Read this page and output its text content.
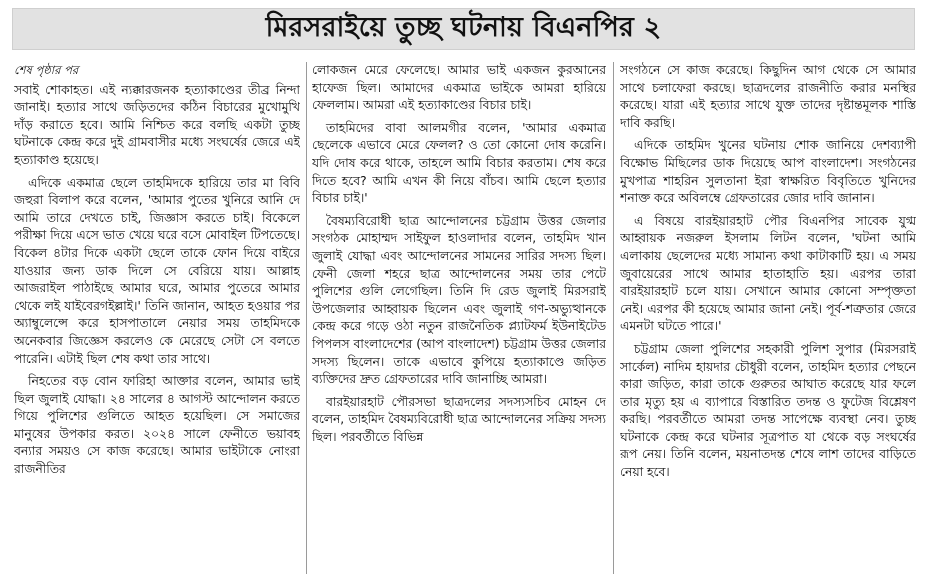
মিরসরাইয়ে তুচ্ছ ঘটনায় বিএনপির ২
শেষ পৃষ্ঠার পর

সবাই শোকাহত। এই ন্যক্কারজনক হত্যাকাণ্ডের তীব্র নিন্দা জানাই। হত্যার সাথে জড়িতদের কঠিন বিচারের মুখোমুখি দাঁড় করাতে হবে। আমি নিশ্চিত করে বলছি একটা তুচ্ছ ঘটনাকে কেন্দ্র করে দুই গ্রামবাসীর মধ্যে সংঘর্ষের জেরে এই হত্যাকাণ্ড হয়েছে।

এদিকে একমাত্র ছেলে তাহমিদকে হারিয়ে তার মা বিবি জহুরা বিলাপ করে বলেন, 'আমার পুতের খুনিরে আনি দে আমি তারে দেখতে চাই, জিজ্ঞাস করতে চাই। বিকেলে পরীক্ষা দিয়ে এসে ভাত খেয়ে ঘরে বসে মোবাইল টিপতেছে। বিকেল ৪টার দিকে একটা ছেলে তাকে ফোন দিয়ে বাইরে যাওয়ার জন্য ডাক দিলে সে বেরিয়ে যায়। আল্লাহ আজরাইল পাঠাইছে আমার ঘরে, আমার পুতেরে আমার থেকে লই যাইবেরগইল্লাই।' তিনি জানান, আহত হওয়ার পর অ্যাম্বুলেন্সে করে হাসপাতালে নেয়ার সময় তাহমিদকে অনেকবার জিজ্ঞেস করলেও কে মেরেছে সেটা সে বলতে পারেনি। এটাই ছিল শেষ কথা তার সাথে।

নিহতের বড় বোন ফারিহা আক্তার বলেন, আমার ভাই ছিল জুলাই যোদ্ধা। ২৪ সালের ৪ আগস্ট আন্দোলন করতে গিয়ে পুলিশের গুলিতে আহত হয়েছিল। সে সমাজের মানুষের উপকার করত। ২০২৪ সালে ফেনীতে ভয়াবহ বন্যার সময়ও সে কাজ করেছে। আমার ভাইটাকে নোংরা রাজনীতির

লোকজন মেরে ফেলেছে। আমার ভাই একজন কুরআনের হাফেজ ছিল। আমাদের একমাত্র ভাইকে আমরা হারিয়ে ফেললাম। আমরা এই হত্যাকাণ্ডের বিচার চাই।

তাহমিদের বাবা আলমগীর বলেন, 'আমার একমাত্র ছেলেকে এভাবে মেরে ফেলল? ও তো কোনো দোষ করেনি। যদি দোষ করে থাকে, তাহলে আমি বিচার করতাম। শেষ করে দিতে হবে? আমি এখন কী নিয়ে বাঁচব। আমি ছেলে হত্যার বিচার চাই।'

বৈষম্যবিরোধী ছাত্র আন্দোলনের চট্টগ্রাম উত্তর জেলার সংগঠক মোহাম্মদ সাইফুল হাওলাদার বলেন, তাহমিদ খান জুলাই যোদ্ধা এবং আন্দোলনের সামনের সারির সদস্য ছিল। ফেনী জেলা শহরে ছাত্র আন্দোলনের সময় তার পেটে পুলিশের গুলি লেগেছিল। তিনি দি রেড জুলাই মিরসরাই উপজেলার আহ্বায়ক ছিলেন এবং জুলাই গণ-অভ্যুত্থানকে কেন্দ্র করে গড়ে ওঠা নতুন রাজনৈতিক প্ল্যাটফর্ম ইউনাইটেড পিপলস বাংলাদেশের (আপ বাংলাদেশ) চট্টগ্রাম উত্তর জেলার সদস্য ছিলেন। তাকে এভাবে কুপিয়ে হত্যাকাণ্ডে জড়িত ব্যক্তিদের দ্রুত গ্রেফতারের দাবি জানাচ্ছি আমরা।

বারইয়ারহাট পৌরসভা ছাত্রদলের সদস্যসচিব মোহন দে বলেন, তাহমিদ বৈষম্যবিরোধী ছাত্র আন্দোলনের সক্রিয় সদস্য ছিল। পরবর্তীতে বিভিন্ন

সংগঠনে সে কাজ করেছে। কিছুদিন আগ থেকে সে আমার সাথে চলাফেরা করছে। ছাত্রদলের রাজনীতি করার মনস্থির করেছে। যারা এই হত্যার সাথে যুক্ত তাদের দৃষ্টান্তমূলক শাস্তি দাবি করছি।

এদিকে তাহমিদ খুনের ঘটনায় শোক জানিয়ে দেশব্যাপী বিক্ষোভ মিছিলের ডাক দিয়েছে আপ বাংলাদেশ। সংগঠনের মুখপাত্র শাহরিন সুলতানা ইরা স্বাক্ষরিত বিবৃতিতে খুনিদের শনাক্ত করে অবিলম্বে গ্রেফতারের জোর দাবি জানান।

এ বিষয়ে বারইয়ারহাট পৌর বিএনপির সাবেক যুগ্ম আহ্বায়ক নজরুল ইসলাম লিটন বলেন, 'ঘটনা আমি এলাকায় ছেলেদের মধ্যে সামান্য কথা কাটাকাটি হয়। এ সময় জুবায়েরের সাথে আমার হাতাহাতি হয়। এরপর তারা বারইয়ারহাট চলে যায়। সেখানে আমার কোনো সম্পৃক্ততা নেই। এরপর কী হয়েছে আমার জানা নেই। পূর্ব-শত্রুতার জেরে এমনটা ঘটতে পারে।'

চট্টগ্রাম জেলা পুলিশের সহকারী পুলিশ সুপার (মিরসরাই সার্কেল) নাদিম হায়দার চৌধুরী বলেন, তাহমিদ হত্যার পেছনে কারা জড়িত, কারা তাকে গুরুতর আঘাত করেছে যার ফলে তার মৃত্যু হয় এ ব্যাপারে বিস্তারিত তদন্ত ও ফুটেজ বিশ্লেষণ করছি। পরবর্তীতে আমরা তদন্ত সাপেক্ষে ব্যবস্থা নেব। তুচ্ছ ঘটনাকে কেন্দ্র করে ঘটনার সূত্রপাত যা থেকে বড় সংঘর্ষের রূপ নেয়। তিনি বলেন, ময়নাতদন্ত শেষে লাশ তাদের বাড়িতে নেয়া হবে।
